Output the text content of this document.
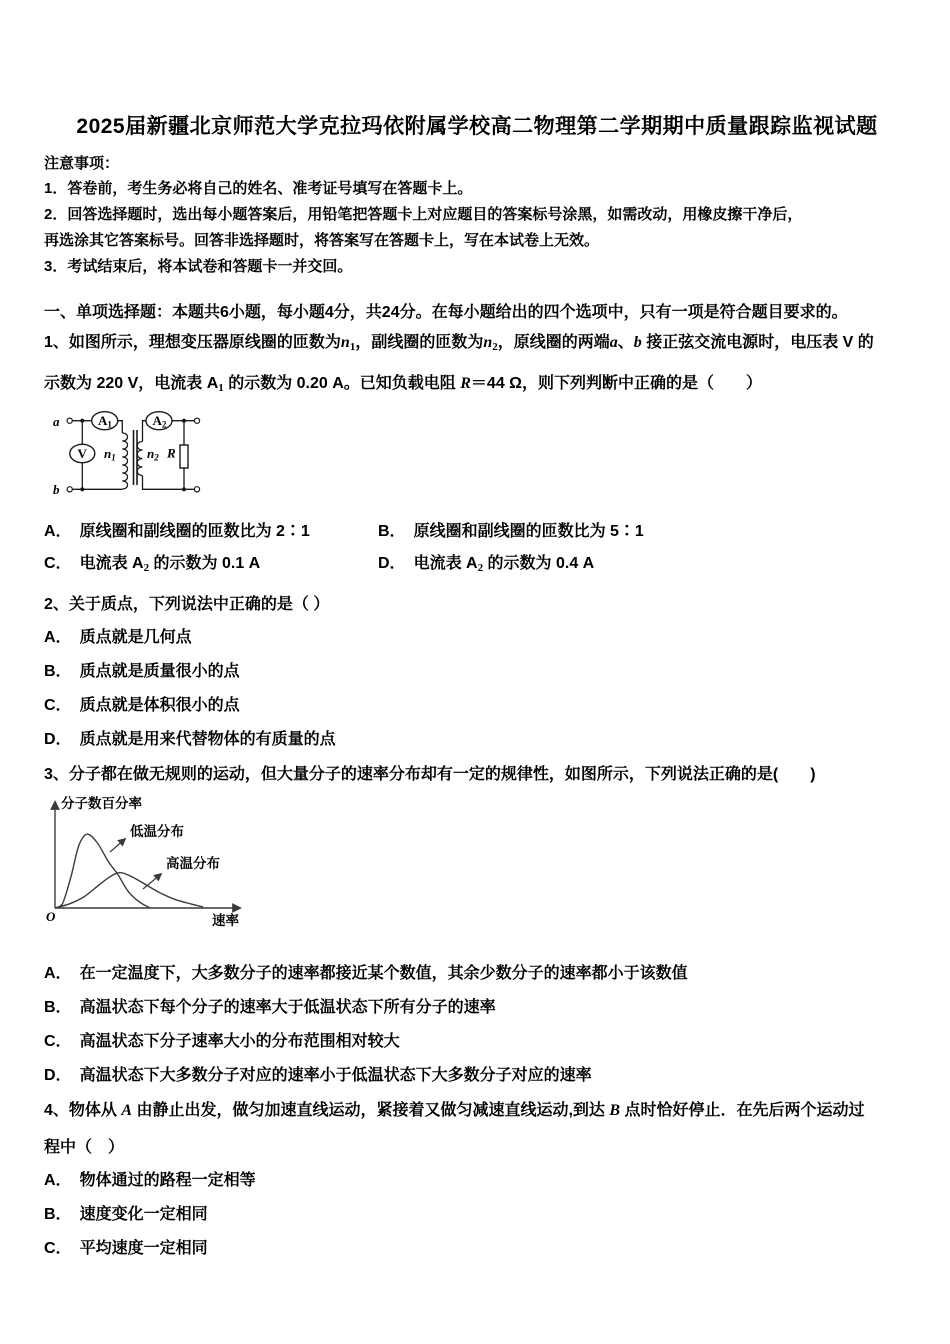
2025届新疆北京师范大学克拉玛依附属学校高二物理第二学期期中质量跟踪监视试题
注意事项：
1．答卷前，考生务必将自己的姓名、准考证号填写在答题卡上。
2．回答选择题时，选出每小题答案后，用铅笔把答题卡上对应题目的答案标号涂黑，如需改动，用橡皮擦干净后，
再选涂其它答案标号。回答非选择题时，将答案写在答题卡上，写在本试卷上无效。
3．考试结束后，将本试卷和答题卡一并交回。
一、单项选择题：本题共6小题，每小题4分，共24分。在每小题给出的四个选项中，只有一项是符合题目要求的。
1、如图所示，理想变压器原线圈的匝数为n1，副线圈的匝数为n2，原线圈的两端a、b 接正弦交流电源时，电压表 V 的
示数为 220 V，电流表 A1 的示数为 0.20 A。已知负载电阻 R＝44 Ω，则下列判断中正确的是（　　）
a	A1
n1
V
b
n2
A2
R
A． 原线圈和副线圈的匝数比为 2∶1	B． 原线圈和副线圈的匝数比为 5∶1
C． 电流表 A2 的示数为 0.1 A	D． 电流表 A2 的示数为 0.4 A
2、关于质点，下列说法中正确的是（ ）
A． 质点就是几何点
B． 质点就是质量很小的点
C． 质点就是体积很小的点
D． 质点就是用来代替物体的有质量的点
3、分子都在做无规则的运动，但大量分子的速率分布却有一定的规律性，如图所示，下列说法正确的是(　　)
低温分布
高温分布
分子数百分率
速率
O
A． 在一定温度下，大多数分子的速率都接近某个数值，其余少数分子的速率都小于该数值
B． 高温状态下每个分子的速率大于低温状态下所有分子的速率
C． 高温状态下分子速率大小的分布范围相对较大
D． 高温状态下大多数分子对应的速率小于低温状态下大多数分子对应的速率
4、物体从 A 由静止出发，做匀加速直线运动，紧接着又做匀减速直线运动,到达 B 点时恰好停止．在先后两个运动过
程中（　）
A． 物体通过的路程一定相等
B． 速度变化一定相同
C． 平均速度一定相同
